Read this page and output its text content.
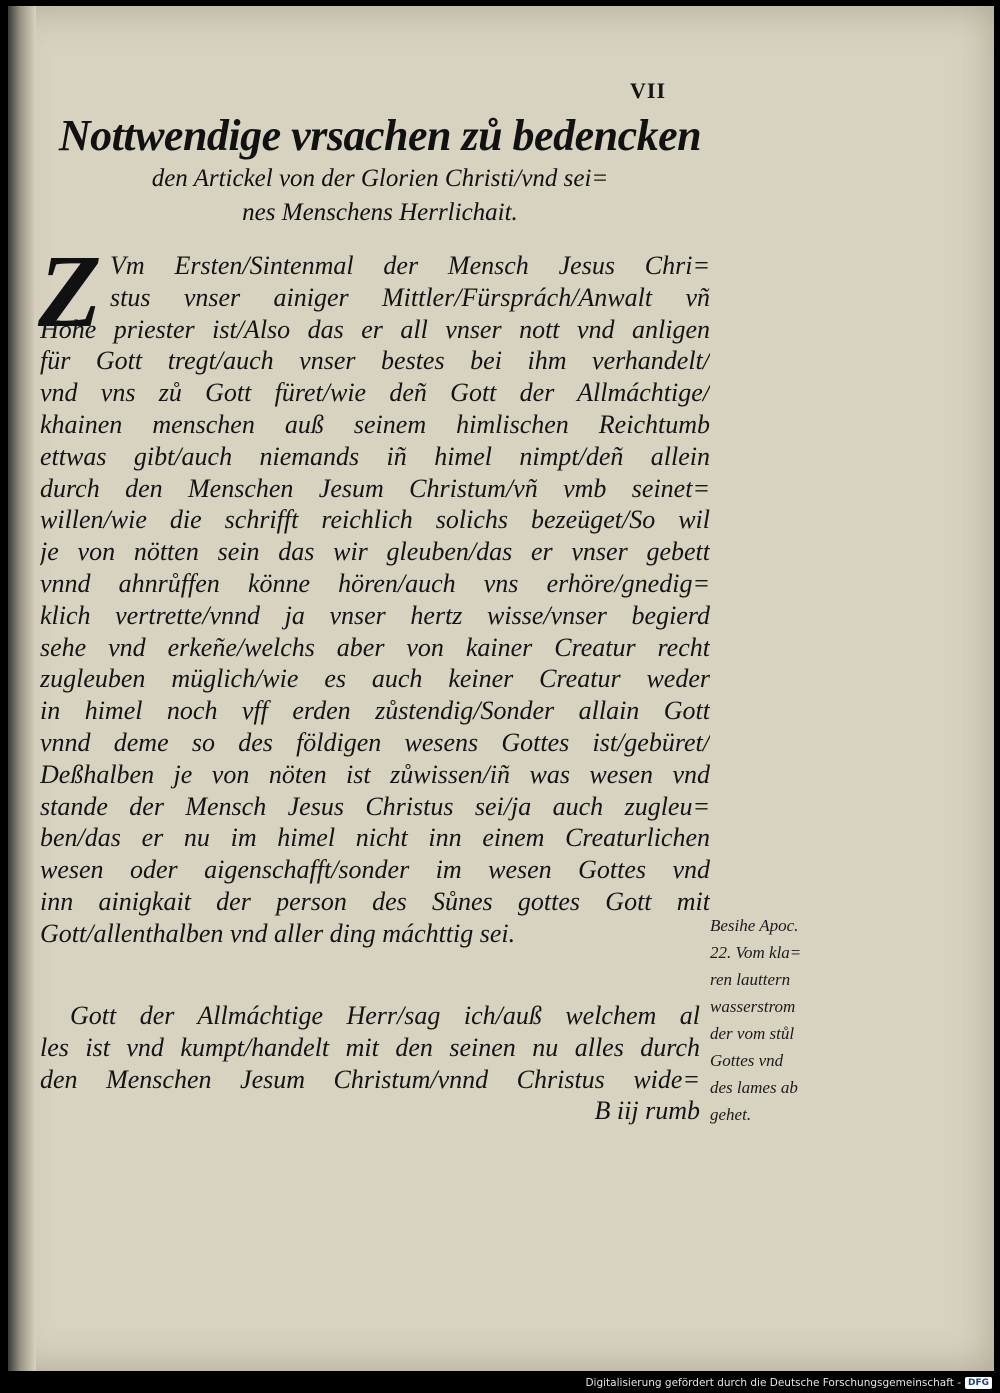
VII
Nottwendige vrsachen zů bedencken
den Artickel von der Glorien Christi/vnd sei=
nes Menschens Herrlichait.
Z Vm Ersten/Sintenmal der Mensch Jesus Chri=
stus vnser ainiger Mittler/Fürsprách/Anwalt vñ
Hohe priester ist/Also das er all vnser nott vnd anligen
für Gott tregt/auch vnser bestes bei ihm verhandelt/
vnd vns zů Gott füret/wie deñ Gott der Allmáchtige/
khainen menschen auß seinem himlischen Reichtumb
ettwas gibt/auch niemands iñ himel nimpt/deñ allein
durch den Menschen Jesum Christum/vñ vmb seinet=
willen/wie die schrifft reichlich solichs bezeüget/So wil
je von nötten sein das wir gleuben/das er vnser gebett
vnnd ahnrůffen könne hören/auch vns erhöre/gnedig=
klich vertrette/vnnd ja vnser hertz wisse/vnser begierd
sehe vnd erkeñe/welchs aber von kainer Creatur recht
zugleuben müglich/wie es auch keiner Creatur weder
in himel noch vff erden zůstendig/Sonder allain Gott
vnnd deme so des földigen wesens Gottes ist/gebüret/
Deßhalben je von nöten ist zůwissen/iñ was wesen vnd
stande der Mensch Jesus Christus sei/ja auch zugleu=
ben/das er nu im himel nicht inn einem Creaturlichen
wesen oder aigenschafft/sonder im wesen Gottes vnd
inn ainigkait der person des Sůnes gottes Gott mit
Gott/allenthalben vnd aller ding máchttig sei.
Gott der Allmáchtige Herr/sag ich/auß welchem al
les ist vnd kumpt/handelt mit den seinen nu alles durch
den Menschen Jesum Christum/vnnd Christus wide=
B iij rumb
Besihe Apoc.
22. Vom kla=
ren lauttern
wasserstrom
der vom stůl
Gottes vnd
des lames ab
gehet.
Digitalisierung gefördert durch die Deutsche Forschungsgemeinschaft - DFG
